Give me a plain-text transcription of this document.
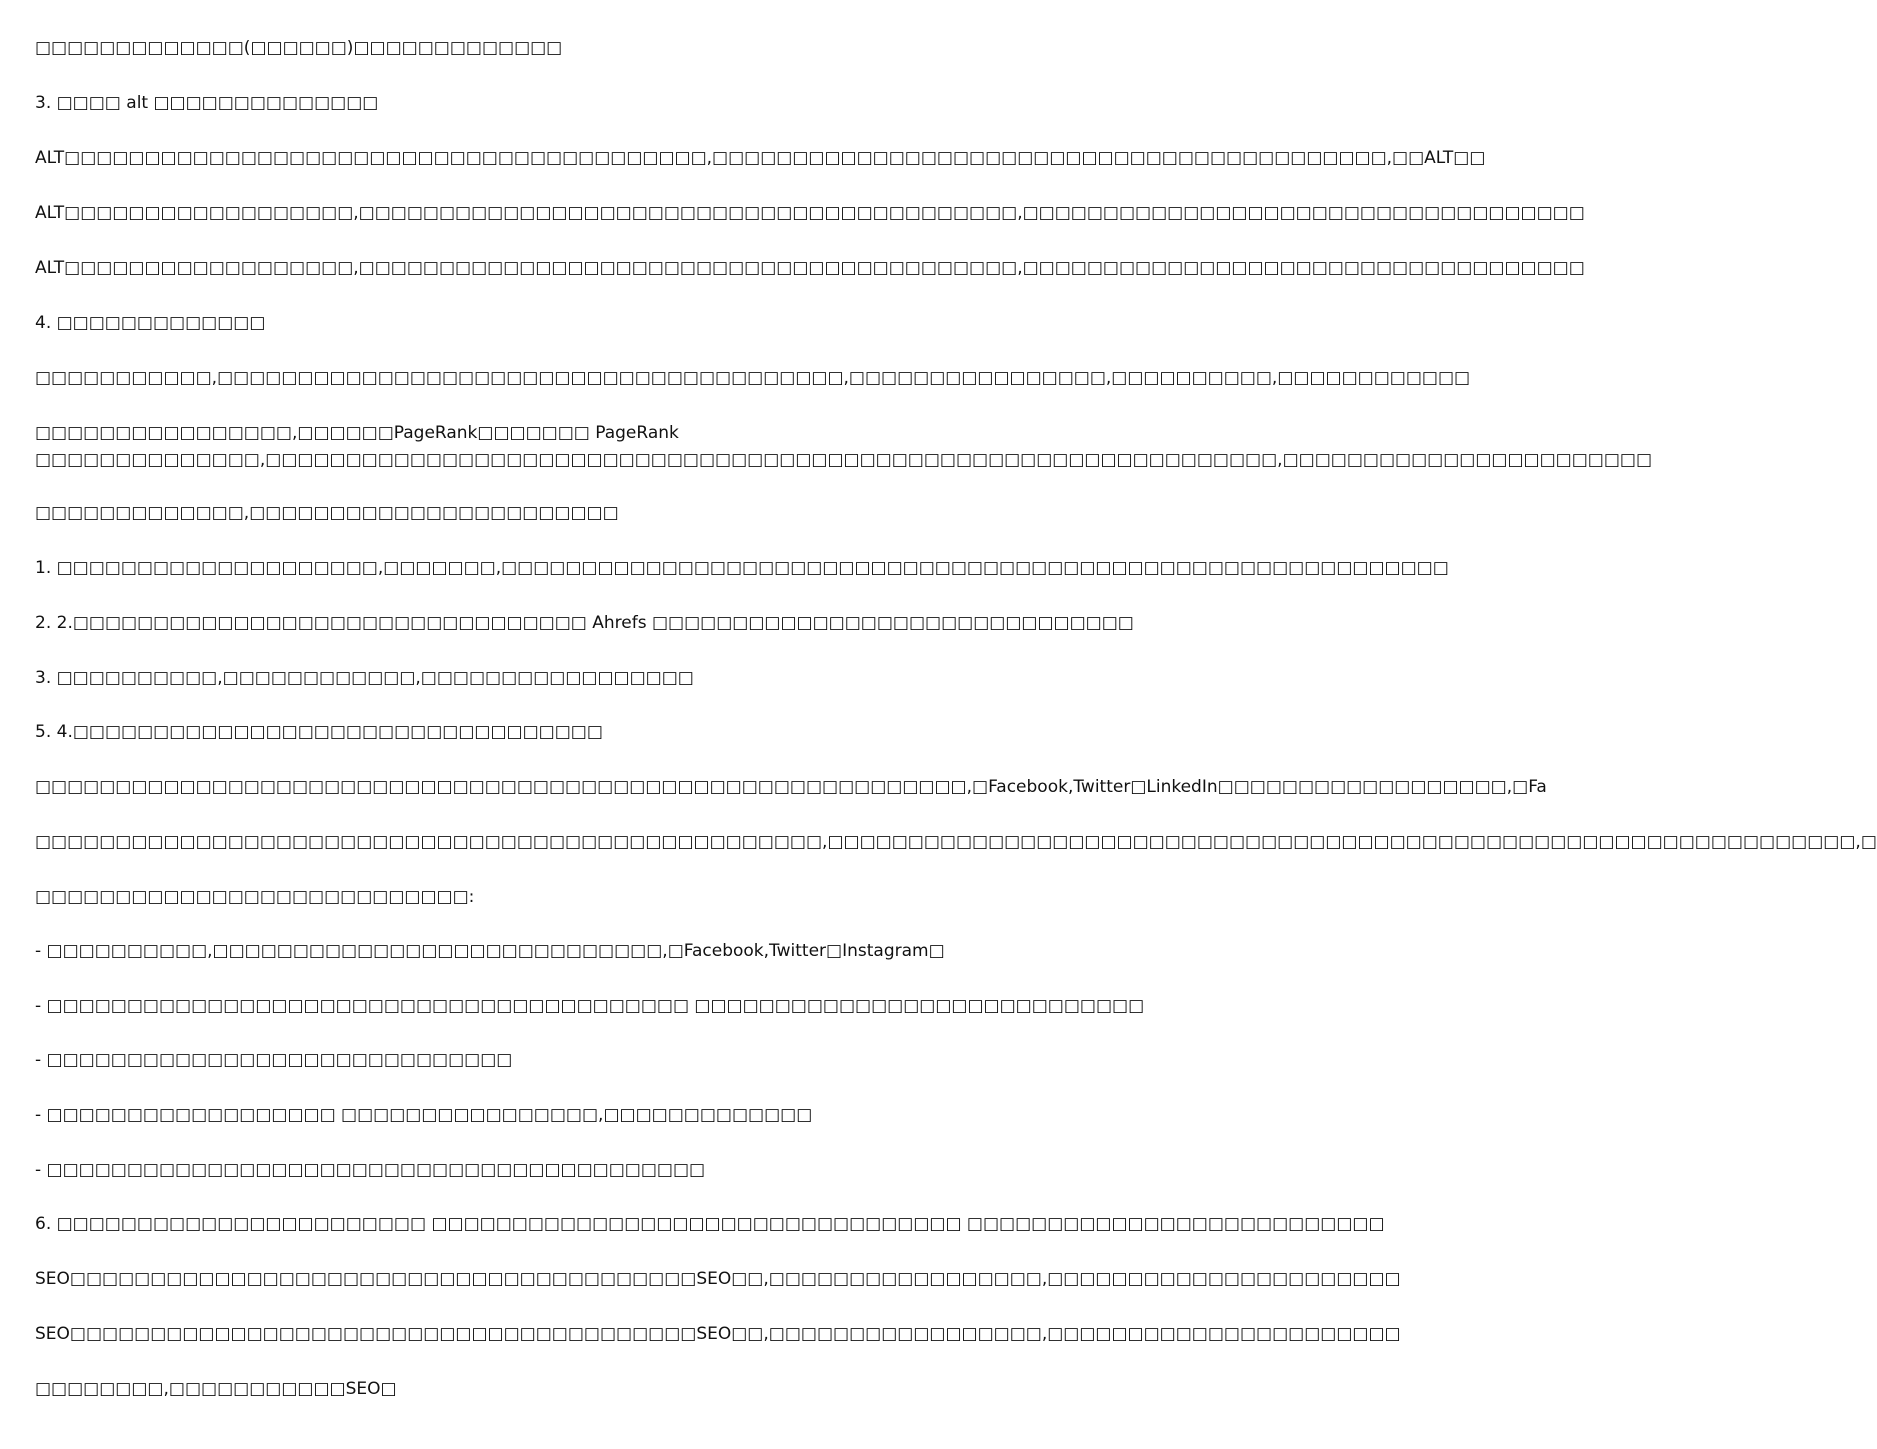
□□□□□□□□□□□□□(□□□□□□)□□□□□□□□□□□□□
3. □□□□ alt □□□□□□□□□□□□□□
ALT□□□□□□□□□□□□□□□□□□□□□□□□□□□□□□□□□□□□□□□□,□□□□□□□□□□□□□□□□□□□□□□□□□□□□□□□□□□□□□□□□□□,□□ALT□□
ALT□□□□□□□□□□□□□□□□□□,□□□□□□□□□□□□□□□□□□□□□□□□□□□□□□□□□□□□□□□□□,□□□□□□□□□□□□□□□□□□□□□□□□□□□□□□□□□□□
ALT□□□□□□□□□□□□□□□□□□,□□□□□□□□□□□□□□□□□□□□□□□□□□□□□□□□□□□□□□□□□,□□□□□□□□□□□□□□□□□□□□□□□□□□□□□□□□□□□
4. □□□□□□□□□□□□□
□□□□□□□□□□□,□□□□□□□□□□□□□□□□□□□□□□□□□□□□□□□□□□□□□□□,□□□□□□□□□□□□□□□□,□□□□□□□□□□,□□□□□□□□□□□□
□□□□□□□□□□□□□□□□,□□□□□□PageRank□□□□□□□ PageRank
□□□□□□□□□□□□□□,□□□□□□□□□□□□□□□□□□□□□□□□□□□□□□□□□□□□□□□□□□□□□□□□□□□□□□□□□□□□□□□,□□□□□□□□□□□□□□□□□□□□□□□
□□□□□□□□□□□□□,□□□□□□□□□□□□□□□□□□□□□□□
1. □□□□□□□□□□□□□□□□□□□□,□□□□□□□,□□□□□□□□□□□□□□□□□□□□□□□□□□□□□□□□□□□□□□□□□□□□□□□□□□□□□□□□□□□
2. 2.□□□□□□□□□□□□□□□□□□□□□□□□□□□□□□□□ Ahrefs □□□□□□□□□□□□□□□□□□□□□□□□□□□□□□
3. □□□□□□□□□□,□□□□□□□□□□□□,□□□□□□□□□□□□□□□□□
5. 4.□□□□□□□□□□□□□□□□□□□□□□□□□□□□□□□□□
□□□□□□□□□□□□□□□□□□□□□□□□□□□□□□□□□□□□□□□□□□□□□□□□□□□□□□□□□□,□Facebook,Twitter□LinkedIn□□□□□□□□□□□□□□□□□□,□Fa
□□□□□□□□□□□□□□□□□□□□□□□□□□□□□□□□□□□□□□□□□□□□□□□□□,□□□□□□□□□□□□□□□□□□□□□□□□□□□□□□□□□□□□□□□□□□□□□□□□□□□□□□□□□□□□□□□□,□
□□□□□□□□□□□□□□□□□□□□□□□□□□□:
- □□□□□□□□□□,□□□□□□□□□□□□□□□□□□□□□□□□□□□□,□Facebook,Twitter□Instagram□
- □□□□□□□□□□□□□□□□□□□□□□□□□□□□□□□□□□□□□□□□ □□□□□□□□□□□□□□□□□□□□□□□□□□□□
- □□□□□□□□□□□□□□□□□□□□□□□□□□□□□
- □□□□□□□□□□□□□□□□□□ □□□□□□□□□□□□□□□□,□□□□□□□□□□□□□
- □□□□□□□□□□□□□□□□□□□□□□□□□□□□□□□□□□□□□□□□□
6. □□□□□□□□□□□□□□□□□□□□□□□ □□□□□□□□□□□□□□□□□□□□□□□□□□□□□□□□□ □□□□□□□□□□□□□□□□□□□□□□□□□□
SEO□□□□□□□□□□□□□□□□□□□□□□□□□□□□□□□□□□□□□□□SEO□□,□□□□□□□□□□□□□□□□□,□□□□□□□□□□□□□□□□□□□□□□
SEO□□□□□□□□□□□□□□□□□□□□□□□□□□□□□□□□□□□□□□□SEO□□,□□□□□□□□□□□□□□□□□,□□□□□□□□□□□□□□□□□□□□□□
□□□□□□□□,□□□□□□□□□□□SEO□
